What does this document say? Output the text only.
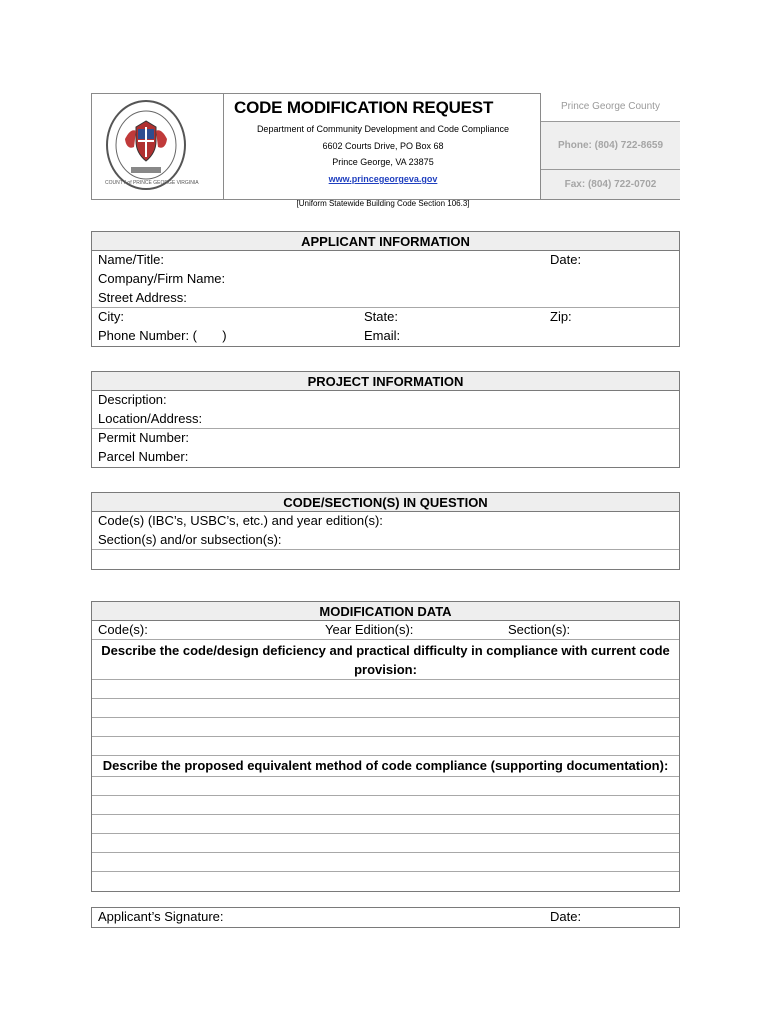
COUNTY of PRINCE GEORGE VIRGINIA
CODE MODIFICATION REQUEST
Department of Community Development and Code Compliance
6602 Courts Drive, PO Box 68
Prince George, VA 23875
www.princegeorgeva.gov
Prince George County
Phone: (804) 722-8659
Fax: (804) 722-0702
[Uniform Statewide Building Code Section 106.3]
APPLICANT INFORMATION
Name/Title:	Date:
Company/Firm Name:
Street Address:
City:	State:	Zip:
Phone Number: (       )	Email:
PROJECT INFORMATION
Description:
Location/Address:
Permit Number:
Parcel Number:
CODE/SECTION(S) IN QUESTION
Code(s) (IBC’s, USBC’s, etc.) and year edition(s):
Section(s) and/or subsection(s):
MODIFICATION DATA
Code(s):	Year Edition(s):	Section(s):
Describe the code/design deficiency and practical difficulty in compliance with current code provision:
Describe the proposed equivalent method of code compliance (supporting documentation):
Applicant’s Signature:	Date:
